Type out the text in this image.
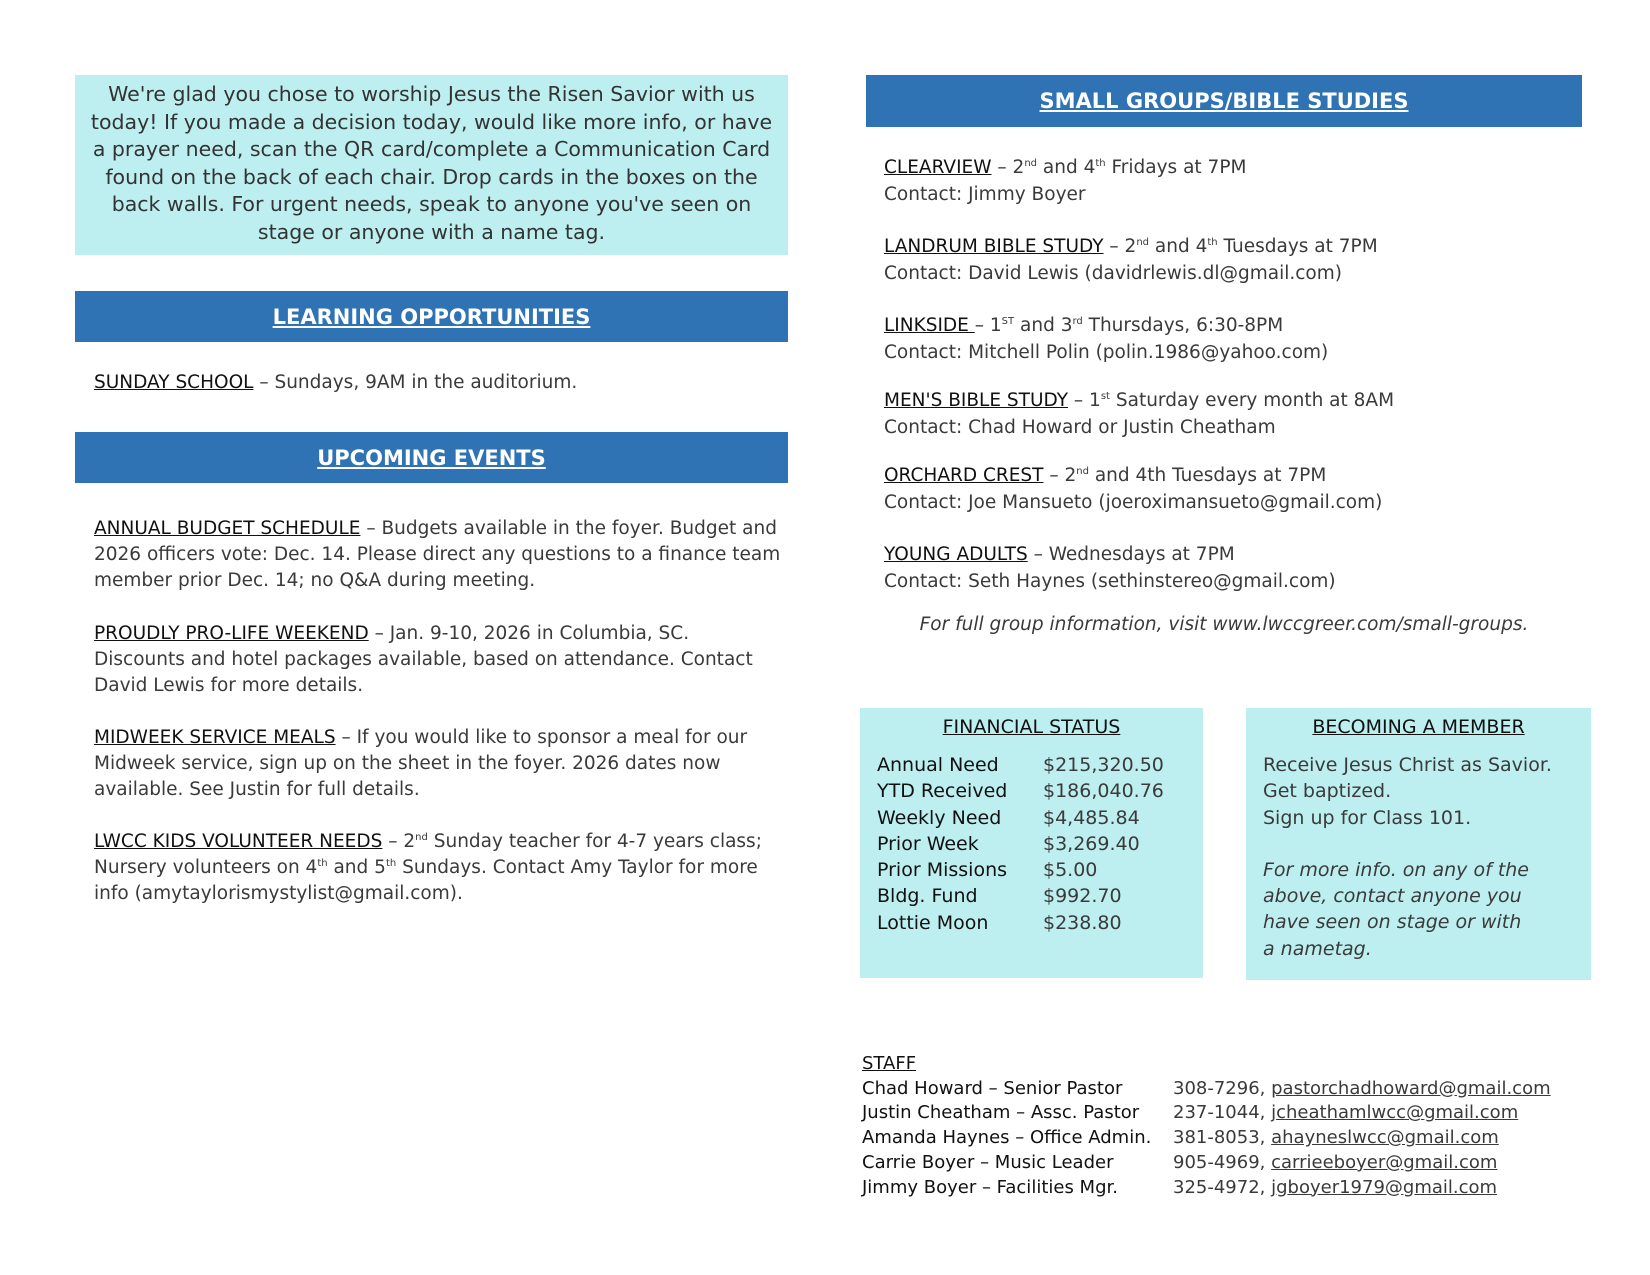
We're glad you chose to worship Jesus the Risen Savior with us today! If you made a decision today, would like more info, or have a prayer need, scan the QR card/complete a Communication Card found on the back of each chair. Drop cards in the boxes on the back walls. For urgent needs, speak to anyone you've seen on stage or anyone with a name tag.
LEARNING OPPORTUNITIES
SUNDAY SCHOOL – Sundays, 9AM in the auditorium.
UPCOMING EVENTS
ANNUAL BUDGET SCHEDULE – Budgets available in the foyer. Budget and 2026 officers vote: Dec. 14. Please direct any questions to a finance team member prior Dec. 14; no Q&A during meeting.
PROUDLY PRO-LIFE WEEKEND – Jan. 9-10, 2026 in Columbia, SC. Discounts and hotel packages available, based on attendance. Contact David Lewis for more details.
MIDWEEK SERVICE MEALS – If you would like to sponsor a meal for our Midweek service, sign up on the sheet in the foyer. 2026 dates now available. See Justin for full details.
LWCC KIDS VOLUNTEER NEEDS – 2nd Sunday teacher for 4-7 years class; Nursery volunteers on 4th and 5th Sundays. Contact Amy Taylor for more info (amytaylorismystylist@gmail.com).
SMALL GROUPS/BIBLE STUDIES
CLEARVIEW – 2nd and 4th Fridays at 7PM
Contact: Jimmy Boyer
LANDRUM BIBLE STUDY – 2nd and 4th Tuesdays at 7PM
Contact: David Lewis (davidrlewis.dl@gmail.com)
LINKSIDE – 1ST and 3rd Thursdays, 6:30-8PM
Contact: Mitchell Polin (polin.1986@yahoo.com)
MEN'S BIBLE STUDY – 1st Saturday every month at 8AM
Contact: Chad Howard or Justin Cheatham
ORCHARD CREST – 2nd and 4th Tuesdays at 7PM
Contact: Joe Mansueto (joeroximansueto@gmail.com)
YOUNG ADULTS – Wednesdays at 7PM
Contact: Seth Haynes (sethinstereo@gmail.com)
For full group information, visit www.lwccgreer.com/small-groups.
FINANCIAL STATUS
Annual Need	$215,320.50
YTD Received	$186,040.76
Weekly Need	$4,485.84
Prior Week	$3,269.40
Prior Missions	$5.00
Bldg. Fund	$992.70
Lottie Moon	$238.80
BECOMING A MEMBER
Receive Jesus Christ as Savior.
Get baptized.
Sign up for Class 101.
For more info. on any of the
above, contact anyone you
have seen on stage or with
a nametag.
STAFF
Chad Howard – Senior Pastor	308-7296, pastorchadhoward@gmail.com
Justin Cheatham – Assc. Pastor	237-1044, jcheathamlwcc@gmail.com
Amanda Haynes – Office Admin.	381-8053, ahayneslwcc@gmail.com
Carrie Boyer – Music Leader	905-4969, carrieeboyer@gmail.com
Jimmy Boyer – Facilities Mgr.	325-4972, jgboyer1979@gmail.com
